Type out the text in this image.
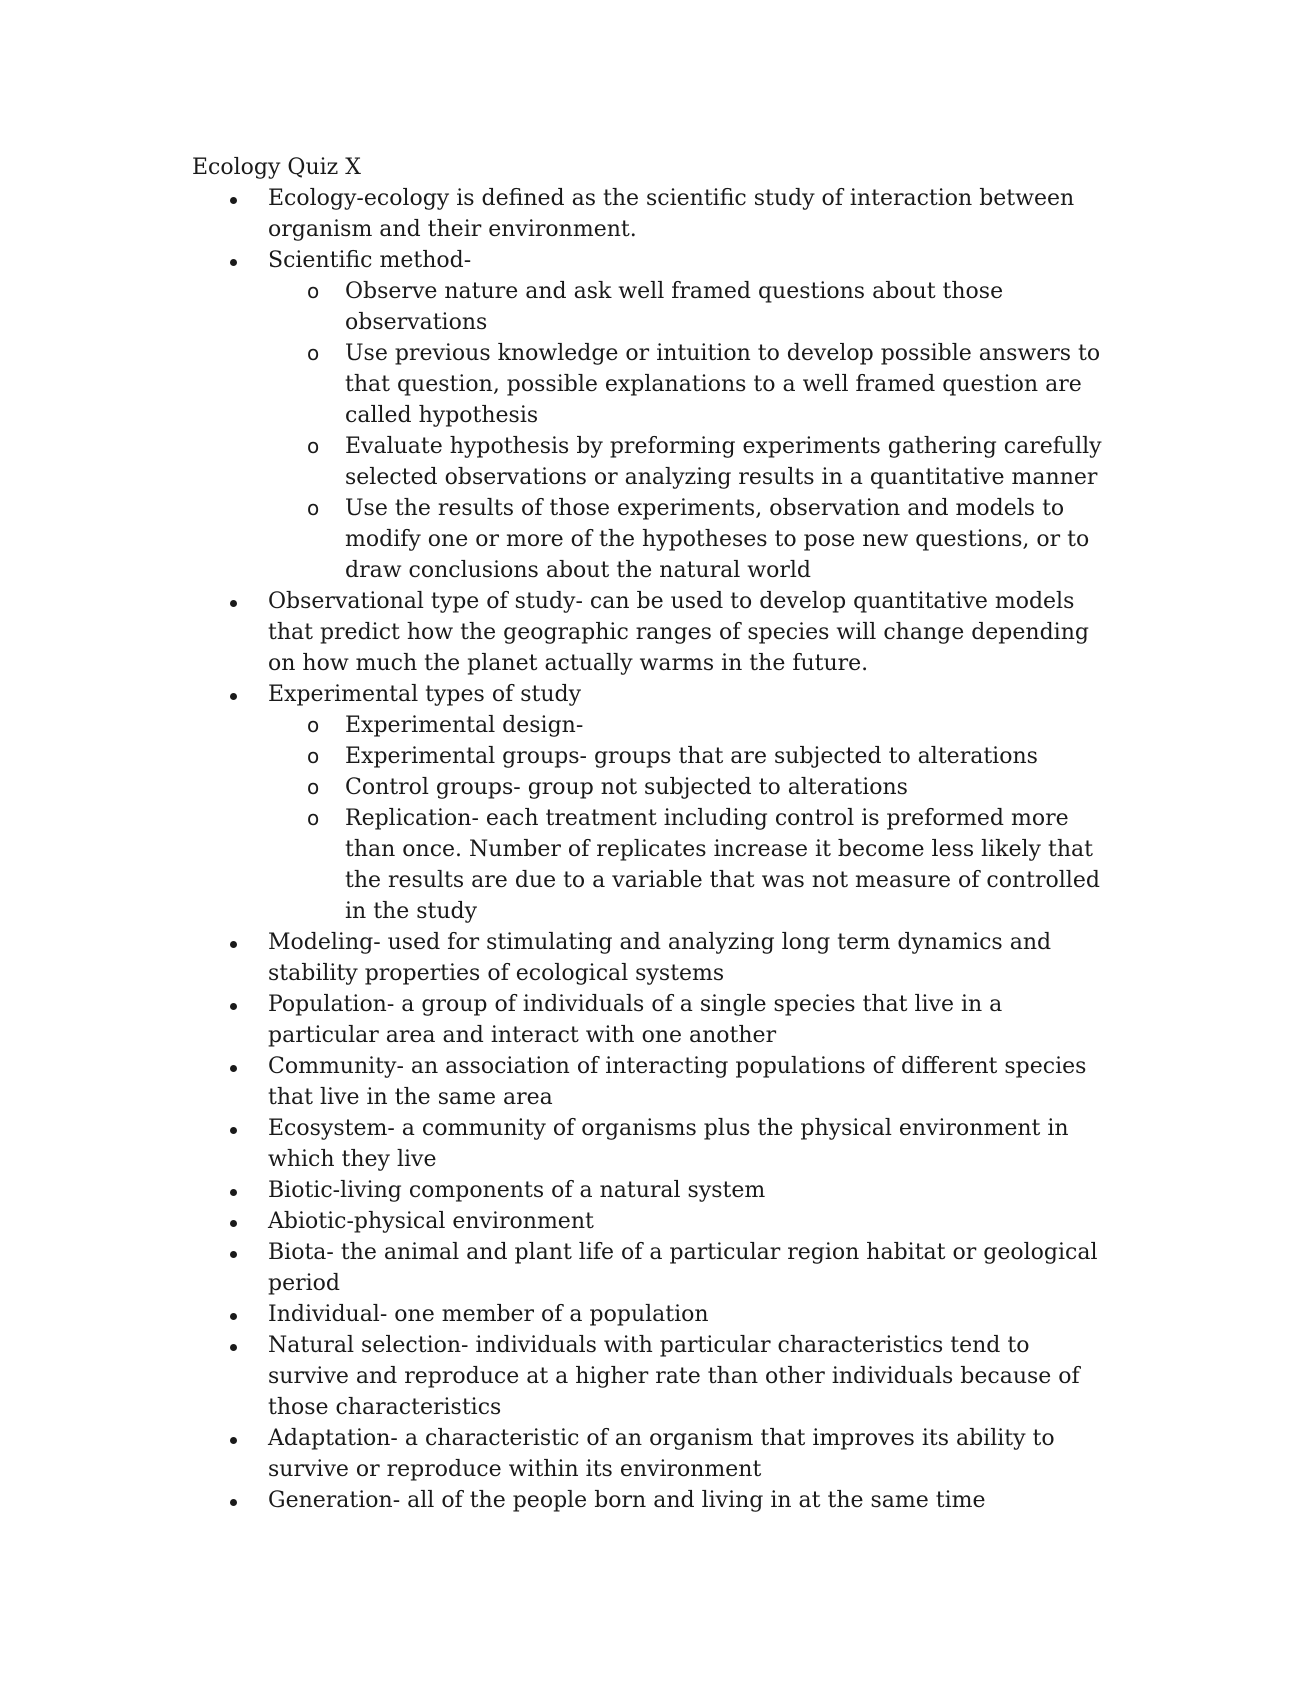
Ecology Quiz X

Ecology-ecology is defined as the scientific study of interaction between organism and their environment.
Scientific method-
o Observe nature and ask well framed questions about those observations
o Use previous knowledge or intuition to develop possible answers to that question, possible explanations to a well framed question are called hypothesis
o Evaluate hypothesis by preforming experiments gathering carefully selected observations or analyzing results in a quantitative manner
o Use the results of those experiments, observation and models to modify one or more of the hypotheses to pose new questions, or to draw conclusions about the natural world
Observational type of study- can be used to develop quantitative models that predict how the geographic ranges of species will change depending on how much the planet actually warms in the future.
Experimental types of study
o Experimental design-
o Experimental groups- groups that are subjected to alterations
o Control groups- group not subjected to alterations
o Replication- each treatment including control is preformed more than once. Number of replicates increase it become less likely that the results are due to a variable that was not measure of controlled in the study
Modeling- used for stimulating and analyzing long term dynamics and stability properties of ecological systems
Population- a group of individuals of a single species that live in a particular area and interact with one another
Community- an association of interacting populations of different species that live in the same area
Ecosystem- a community of organisms plus the physical environment in which they live
Biotic-living components of a natural system
Abiotic-physical environment
Biota- the animal and plant life of a particular region habitat or geological period
Individual- one member of a population
Natural selection- individuals with particular characteristics tend to survive and reproduce at a higher rate than other individuals because of those characteristics
Adaptation- a characteristic of an organism that improves its ability to survive or reproduce within its environment
Generation- all of the people born and living in at the same time
